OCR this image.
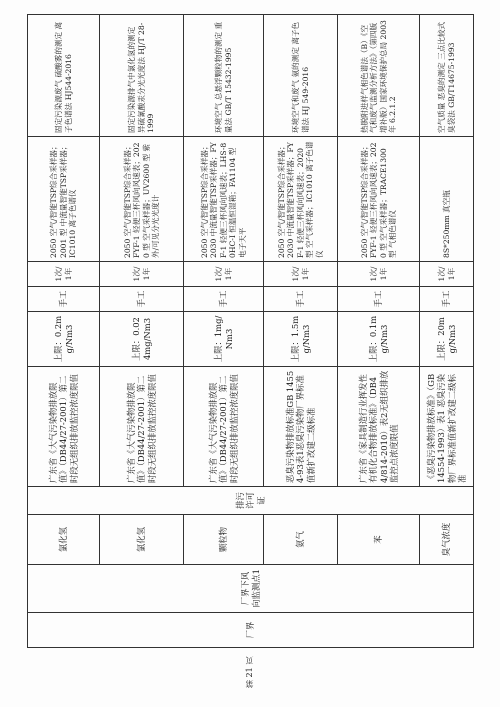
厂界	厂界下风向监测点1	氯化氢	排污许可证	广东省《大气污染物排放限值》（DB44/27-2001）第二时段无组织排放监控浓度限值	上限：0.2mg/Nm3	手工	1次/1年	2050 空气/智能TSP综合采样器；2001 型 中流量智能TSP采样器；IC1010 离子色谱仪	固定污染源废气 硫酸雾的测定 离子色谱法 HJ544-2016
		氯化氢		广东省《大气污染物排放限值》（DB44/27-2001）第二时段无组织排放监控浓度限值	上限：0.024mg/Nm3	手工	1次/1年	2050 空气/智能TSP综合采样器；FYF-1 轻便三杯风向风速表；2020 型 空气采样器；UV2600 型 紫外/可见分光光度计	固定污染源排气中氯化氢的测定 异硫氰酸汞分光光度法 HJ/T 28-1999
		颗粒物		广东省《大气污染物排放限值》（DB44/27-2001）第二时段无组织排放监控浓度限值	上限：1mg/Nm3	手工	1次/1年	2050 空气/智能TSP综合采样器；2030 中流量智能TSP采样器；FYF-1 轻便三杯风向风速表；LHS-80HC-I 恒温恒湿箱；FA1104 型 电子天平	环境空气 总悬浮颗粒物的测定 重量法 GB/T 15432-1995
		氨气		恶臭污染物排放标准GB 14554-93表1恶臭污染物厂界标准值新扩改建二级标准	上限：1.5mg/Nm3	手工	1次/1年	2050 空气/智能TSP综合采样器；2030 中流量智能TSP采样器；FYF-1 轻便三杯风向风速表；2020 型 空气采样器；IC1010 离子色谱仪	环境空气和废气 氨的测定 离子色谱法 HJ 549-2016
		苯		广东省《家具制造行业挥发性有机化合物排放标准》（DB44/814-2010）表2无组织排放监控点浓度限值	上限：0.1mg/Nm3	手工	1次/1年	2050 空气/智能TSP综合采样器；FYF-1 轻便三杯风向风速表；2020 型 空气采样器；TRACE1300 型 气相色谱仪	热脱附进样气相色谱法（B）《空气和废气监测分析方法》（第四版增补版）国家环境保护总局 2003年 6.2.1.2
		臭气浓度		《恶臭污染物排放标准》（GB 14554-1993）表1 恶臭污染物厂界标准值新扩改建二级标准	上限：20mg/Nm3	手工	1次/1年	8S*250mm 真空瓶	空气质量 恶臭的测定 三点比较式臭袋法 GB/T14675-1993
第 21 页
